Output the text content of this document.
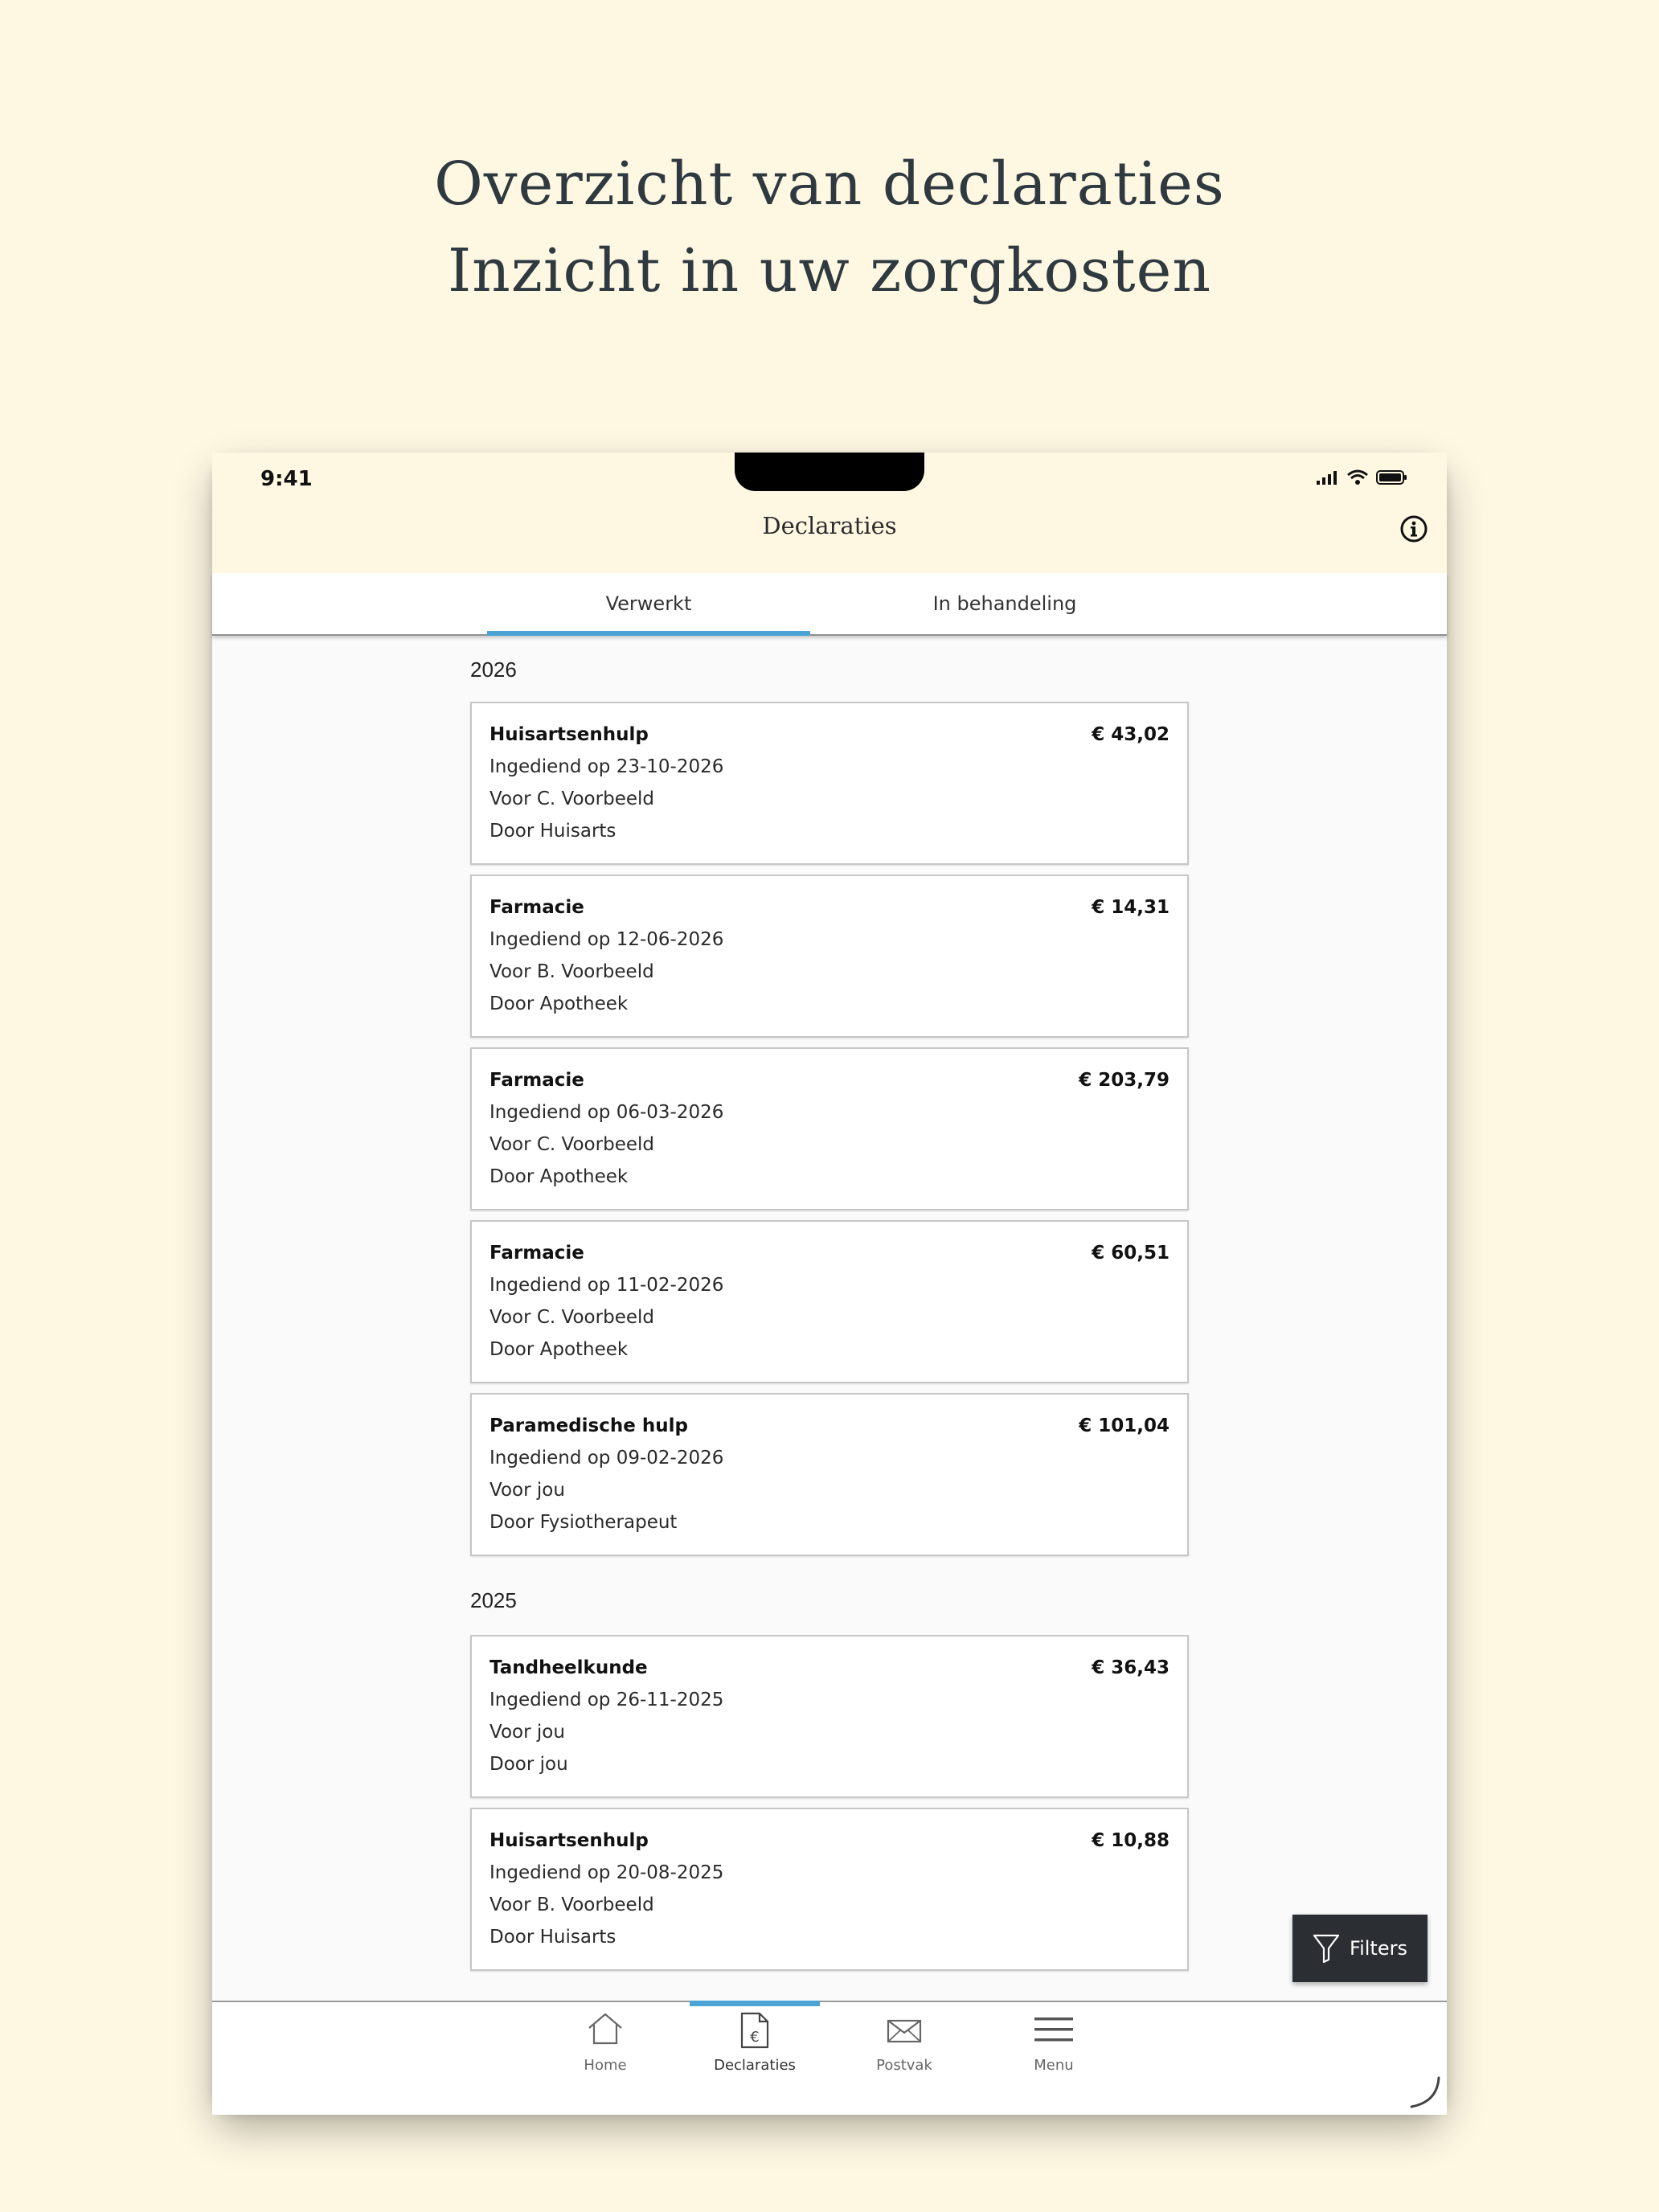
Overzicht van declaraties
Inzicht in uw zorgkosten
9:41
Declaraties
Verwerkt	In behandeling
2026
Huisartsenhulp	€ 43,02
Ingediend op 23-10-2026
Voor C. Voorbeeld
Door Huisarts
Farmacie	€ 14,31
Ingediend op 12-06-2026
Voor B. Voorbeeld
Door Apotheek
Farmacie	€ 203,79
Ingediend op 06-03-2026
Voor C. Voorbeeld
Door Apotheek
Farmacie	€ 60,51
Ingediend op 11-02-2026
Voor C. Voorbeeld
Door Apotheek
Paramedische hulp	€ 101,04
Ingediend op 09-02-2026
Voor jou
Door Fysiotherapeut
2025
Tandheelkunde	€ 36,43
Ingediend op 26-11-2025
Voor jou
Door jou
Huisartsenhulp	€ 10,88
Ingediend op 20-08-2025
Voor B. Voorbeeld
Door Huisarts	Filters
Home
€
Declaraties	Postvak	Menu
